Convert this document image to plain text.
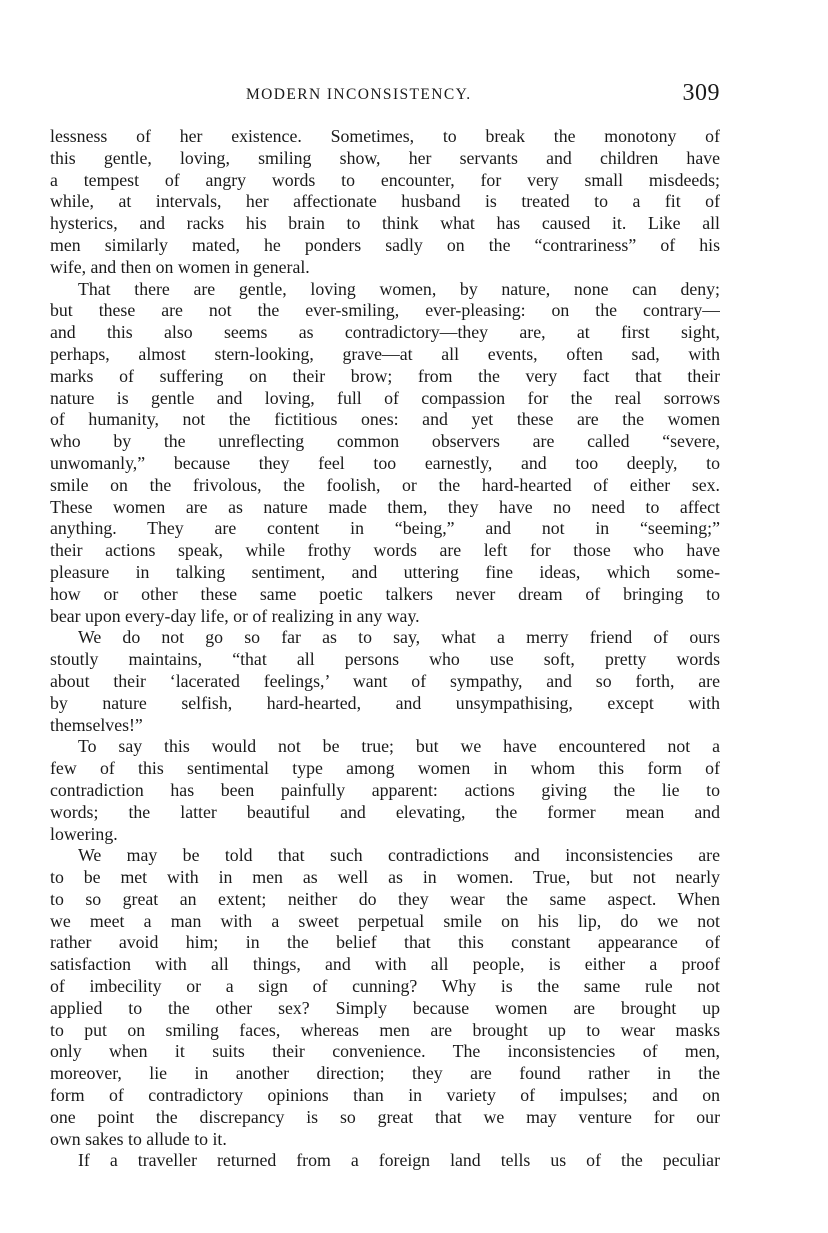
MODERN INCONSISTENCY.	309
lessness of her existence. Sometimes, to break the monotony of
this gentle, loving, smiling show, her servants and children have
a tempest of angry words to encounter, for very small misdeeds;
while, at intervals, her affectionate husband is treated to a fit of
hysterics, and racks his brain to think what has caused it. Like all
men similarly mated, he ponders sadly on the “contrariness” of his
wife, and then on women in general.
That there are gentle, loving women, by nature, none can deny;
but these are not the ever-smiling, ever-pleasing: on the contrary—
and this also seems as contradictory—they are, at first sight,
perhaps, almost stern-looking, grave—at all events, often sad, with
marks of suffering on their brow; from the very fact that their
nature is gentle and loving, full of compassion for the real sorrows
of humanity, not the fictitious ones: and yet these are the women
who by the unreflecting common observers are called “severe,
unwomanly,” because they feel too earnestly, and too deeply, to
smile on the frivolous, the foolish, or the hard-hearted of either sex.
These women are as nature made them, they have no need to affect
anything. They are content in “being,” and not in “seeming;”
their actions speak, while frothy words are left for those who have
pleasure in talking sentiment, and uttering fine ideas, which some-
how or other these same poetic talkers never dream of bringing to
bear upon every-day life, or of realizing in any way.
We do not go so far as to say, what a merry friend of ours
stoutly maintains, “that all persons who use soft, pretty words
about their ‘lacerated feelings,’ want of sympathy, and so forth, are
by nature selfish, hard-hearted, and unsympathising, except with
themselves!”
To say this would not be true; but we have encountered not a
few of this sentimental type among women in whom this form of
contradiction has been painfully apparent: actions giving the lie to
words; the latter beautiful and elevating, the former mean and
lowering.
We may be told that such contradictions and inconsistencies are
to be met with in men as well as in women. True, but not nearly
to so great an extent; neither do they wear the same aspect. When
we meet a man with a sweet perpetual smile on his lip, do we not
rather avoid him; in the belief that this constant appearance of
satisfaction with all things, and with all people, is either a proof
of imbecility or a sign of cunning? Why is the same rule not
applied to the other sex? Simply because women are brought up
to put on smiling faces, whereas men are brought up to wear masks
only when it suits their convenience. The inconsistencies of men,
moreover, lie in another direction; they are found rather in the
form of contradictory opinions than in variety of impulses; and on
one point the discrepancy is so great that we may venture for our
own sakes to allude to it.
If a traveller returned from a foreign land tells us of the peculiar
